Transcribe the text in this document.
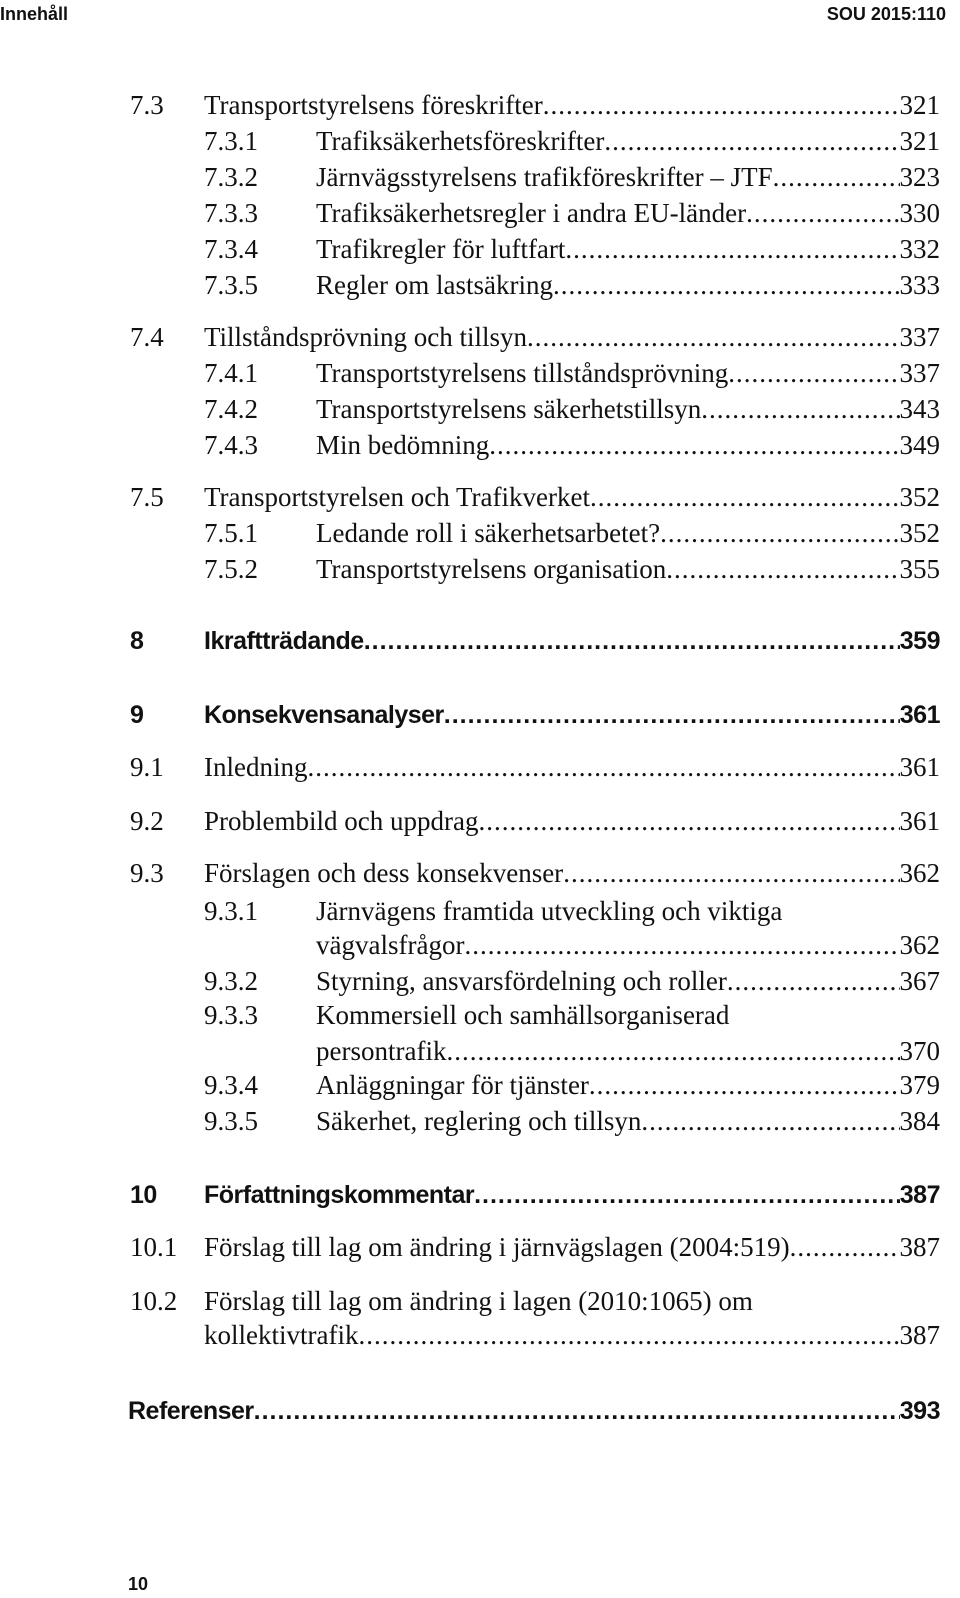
Innehåll	SOU 2015:110
7.3 Transportstyrelsens föreskrifter .....	321
7.3.1 Trafiksäkerhetsföreskrifter .....	321
7.3.2 Järnvägsstyrelsens trafikföreskrifter – JTF .....	323
7.3.3 Trafiksäkerhetsregler i andra EU-länder .....	330
7.3.4 Trafikregler för luftfart .....	332
7.3.5 Regler om lastsäkring .....	333
7.4 Tillståndsprövning och tillsyn .....	337
7.4.1 Transportstyrelsens tillståndsprövning .....	337
7.4.2 Transportstyrelsens säkerhetstillsyn .....	343
7.4.3 Min bedömning .....	349
7.5 Transportstyrelsen och Trafikverket .....	352
7.5.1 Ledande roll i säkerhetsarbetet? .....	352
7.5.2 Transportstyrelsens organisation .....	355
8 Ikraftträdande .....	359
9 Konsekvensanalyser .....	361
9.1 Inledning .....	361
9.2 Problembild och uppdrag .....	361
9.3 Förslagen och dess konsekvenser .....	362
9.3.1 Järnvägens framtida utveckling och viktiga
vägvalsfrågor .....	362
9.3.2 Styrning, ansvarsfördelning och roller .....	367
9.3.3 Kommersiell och samhällsorganiserad
persontrafik .....	370
9.3.4 Anläggningar för tjänster .....	379
9.3.5 Säkerhet, reglering och tillsyn .....	384
10 Författningskommentar .....	387
10.1 Förslag till lag om ändring i järnvägslagen (2004:519) .....	387
10.2 Förslag till lag om ändring i lagen (2010:1065) om
kollektivtrafik .....	387
Referenser .....	393
10
